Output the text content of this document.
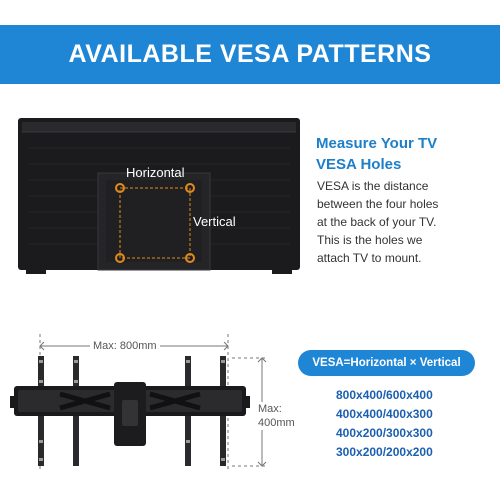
AVAILABLE VESA PATTERNS
Horizontal
Vertical
Measure Your TV
VESA Holes
VESA is the distance
between the four holes
at the back of your TV.
This is the holes we
attach TV to mount.
Max: 800mm
Max:
400mm
VESA=Horizontal × Vertical
800x400/600x400
400x400/400x300
400x200/300x300
300x200/200x200
